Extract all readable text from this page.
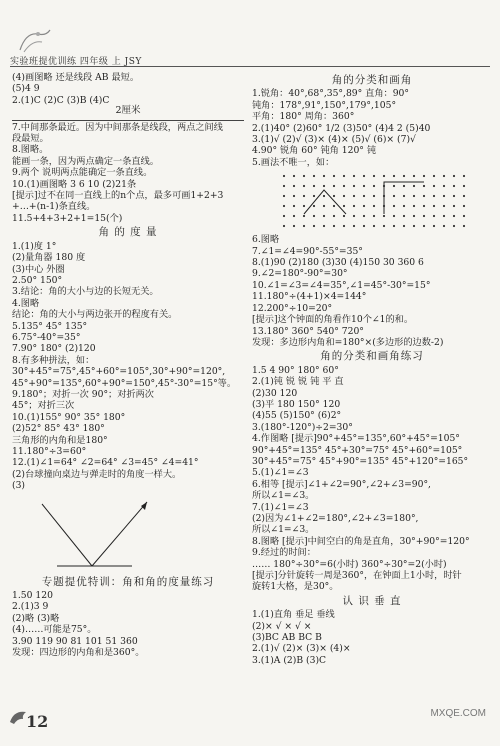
实验班提优训练 四年级 上 JSY
(4)画图略 还是线段 AB 最短。
(5)4 9
2.(1)C (2)C (3)B (4)C
2厘米
7.中间那条最近。因为中间那条是线段，两点之间线
段最短。
8.图略。
能画一条，因为两点确定一条直线。
9.两个 说明两点能确定一条直线。
10.(1)画图略 3 6 10 (2)21条
[提示]过不在同一直线上的n个点，最多可画1+2+3
+…+(n-1)条直线。
11.5+4+3+2+1=15(个)
角 的 度 量
1.(1)度 1°
(2)量角器 180 度
(3)中心 外圈
2.50° 150°
3.结论：角的大小与边的长短无关。
4.图略
结论：角的大小与两边张开的程度有关。
5.135° 45° 135°
6.75°-40°=35°
7.90° 180° (2)120
8.有多种拼法，如：
30°+45°=75°,45°+60°=105°,30°+90°=120°,
45°+90°=135°,60°+90°=150°,45°-30°=15°等。
9.180°；对折一次 90°；对折两次
45°；对折三次
10.(1)155° 90° 35° 180°
(2)52° 85° 43° 180°
三角形的内角和是180°
11.180°÷3=60°
12.(1)∠1=64° ∠2=64° ∠3=45° ∠4=41°
(2)台球撞向桌边与弹走时的角度一样大。
(3)
专题提优特训：角和角的度量练习
1.50 120
2.(1)3 9
(2)略 (3)略
(4)……可能是75°。
3.90 119 90 81 101 51 360
发现：四边形的内角和是360°。
角的分类和画角
1.锐角：40°,68°,35°,89° 直角：90°
钝角：178°,91°,150°,179°,105°
平角：180° 周角：360°
2.(1)40° (2)60° 1/2 (3)50° (4)4 2 (5)40
3.(1)√ (2)√ (3)× (4)× (5)√ (6)× (7)√
4.90° 锐角 60° 钝角 120° 钝
5.画法不唯一，如：
6.图略
7.∠1=∠4=90°-55°=35°
8.(1)90 (2)180 (3)30 (4)150 30 360 6
9.∠2=180°-90°=30°
10.∠1=∠3=∠4=35°,∠1=45°-30°=15°
11.180°÷(4+1)×4=144°
12.200°÷10=20°
[提示]这个钟面的角看作10个∠1的和。
13.180° 360° 540° 720°
发现：多边形内角和=180°×(多边形的边数-2)
角的分类和画角练习
1.5 4 90° 180° 60°
2.(1)钝 锐 锐 钝 平 直
(2)30 120
(3)平 180 150° 120
(4)55 (5)150° (6)2°
3.(180°-120°)÷2=30°
4.作图略 [提示]90°+45°=135°,60°+45°=105°
90°+45°=135° 45°+30°=75° 45°+60°=105°
30°+45°=75° 45°+90°=135° 45°+120°=165°
5.(1)∠1=∠3
6.相等 [提示]∠1+∠2=90°,∠2+∠3=90°,
所以∠1=∠3。
7.(1)∠1=∠3
(2)因为∠1+∠2=180°,∠2+∠3=180°,
所以∠1=∠3。
8.图略 [提示]中间空白的角是直角，30°+90°=120°
9.经过的时间：
…… 180°÷30°=6(小时) 360°÷30°=2(小时)
[提示]分针旋转一周是360°，在钟面上1小时，时针
旋转1大格，是30°。
认 识 垂 直
1.(1)直角 垂足 垂线
(2)× √ × √ ×
(3)BC AB BC B
2.(1)√ (2)× (3)× (4)×
3.(1)A (2)B (3)C
12	MXQE.COM
